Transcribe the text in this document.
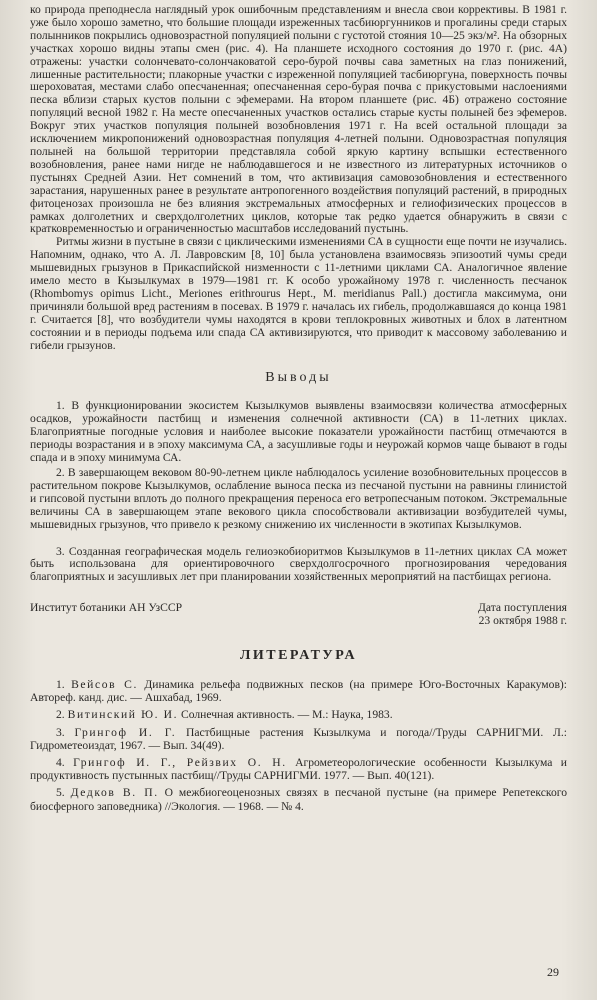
ко природа преподнесла наглядный урок ошибочным представлениям и внесла свои коррективы. В 1981 г. уже было хорошо заметно, что большие площади изреженных тасбиюргунников и прогалины среди старых полынников покрылись одновозрастной популяцией полыни с густотой стояния 10—25 экз/м². На обзорных участках хорошо видны этапы смен (рис. 4). На планшете исходного состояния до 1970 г. (рис. 4А) отражены: участки солончевато-солончаковатой серо-бурой почвы сава заметных на глаз понижений, лишенные растительности; плакорные участки с изреженной популяцией тасбиюргуна, поверхность почвы шероховатая, местами слабо опесчаненная; опесчаненная серо-бурая почва с прикустовыми наслоениями песка вблизи старых кустов полыни с эфемерами. На втором планшете (рис. 4Б) отражено состояние популяций весной 1982 г. На месте опесчаненных участков остались старые кусты полыней без эфемеров. Вокруг этих участков популяция полыней возобновления 1971 г. На всей остальной площади за исключением микропонижений одновозрастная популяция 4-летней полыни. Одновозрастная популяция полыней на большой территории представляла собой яркую картину вспышки естественного возобновления, ранее нами нигде не наблюдавшегося и не известного из литературных источников о пустынях Средней Азии. Нет сомнений в том, что активизация самовозобновления и естественного зарастания, нарушенных ранее в результате антропогенного воздействия популяций растений, в природных фитоценозах произошла не без влияния экстремальных атмосферных и гелиофизических процессов в рамках долголетних и сверхдолголетних циклов, которые так редко удается обнаружить в связи с кратковременностью и ограниченностью масштабов исследований пустынь.

Ритмы жизни в пустыне в связи с циклическими изменениями СА в сущности еще почти не изучались. Напомним, однако, что А. Л. Лавровским [8, 10] была установлена взаимосвязь эпизоотий чумы среди мышевидных грызунов в Прикаспийской низменности с 11-летними циклами СА. Аналогичное явление имело место в Кызылкумах в 1979—1981 гг. К особо урожайному 1978 г. численность песчанок (Rhombomys opimus Licht., Meriones erithrourus Hept., M. meridianus Pall.) достигла максимума, они причиняли большой вред растениям в посевах. В 1979 г. началась их гибель, продолжавшаяся до конца 1981 г. Считается [8], что возбудители чумы находятся в крови теплокровных животных и блох в латентном состоянии и в периоды подъема или спада СА активизируются, что приводит к массовому заболеванию и гибели грызунов.

Выводы

1. В функционировании экосистем Кызылкумов выявлены взаимосвязи количества атмосферных осадков, урожайности пастбищ и изменения солнечной активности (СА) в 11-летних циклах. Благоприятные погодные условия и наиболее высокие показатели урожайности пастбищ отмечаются в периоды возрастания и в эпоху максимума СА, а засушливые годы и неурожай кормов чаще бывают в годы спада и в эпоху минимума СА.

2. В завершающем вековом 80-90-летнем цикле наблюдалось усиление возобновительных процессов в растительном покрове Кызылкумов, ослабление выноса песка из песчаной пустыни на равнины глинистой и гипсовой пустыни вплоть до полного прекращения переноса его ветропесчаным потоком. Экстремальные величины СА в завершающем этапе векового цикла способствовали активизации возбудителей чумы, мышевидных грызунов, что привело к резкому снижению их численности в экотипах Кызылкумов.

3. Созданная географическая модель гелиоэкобиоритмов Кызылкумов в 11-летних циклах СА может быть использована для ориентировочного сверхдолгосрочного прогнозирования чередования благоприятных и засушливых лет при планировании хозяйственных мероприятий на пастбищах региона.

Институт ботаники АН УзССР	Дата поступления
23 октября 1988 г.
ЛИТЕРАТУРА

1. Вейсов С. Динамика рельефа подвижных песков (на примере Юго-Восточных Каракумов): Автореф. канд. дис. — Ашхабад, 1969.

2. Витинский Ю. И. Солнечная активность. — М.: Наука, 1983.

3. Грингоф И. Г. Пастбищные растения Кызылкума и погода//Труды САРНИГМИ. Л.: Гидрометеоиздат, 1967. — Вып. 34(49).

4. Грингоф И. Г., Рейзвих О. Н. Агрометеорологические особенности Кызылкума и продуктивность пустынных пастбищ//Труды САРНИГМИ. 1977. — Вып. 40(121).

5. Дедков В. П. О межбиогеоценозных связях в песчаной пустыне (на примере Репетекского биосферного заповедника) //Экология. — 1968. — № 4.

29
